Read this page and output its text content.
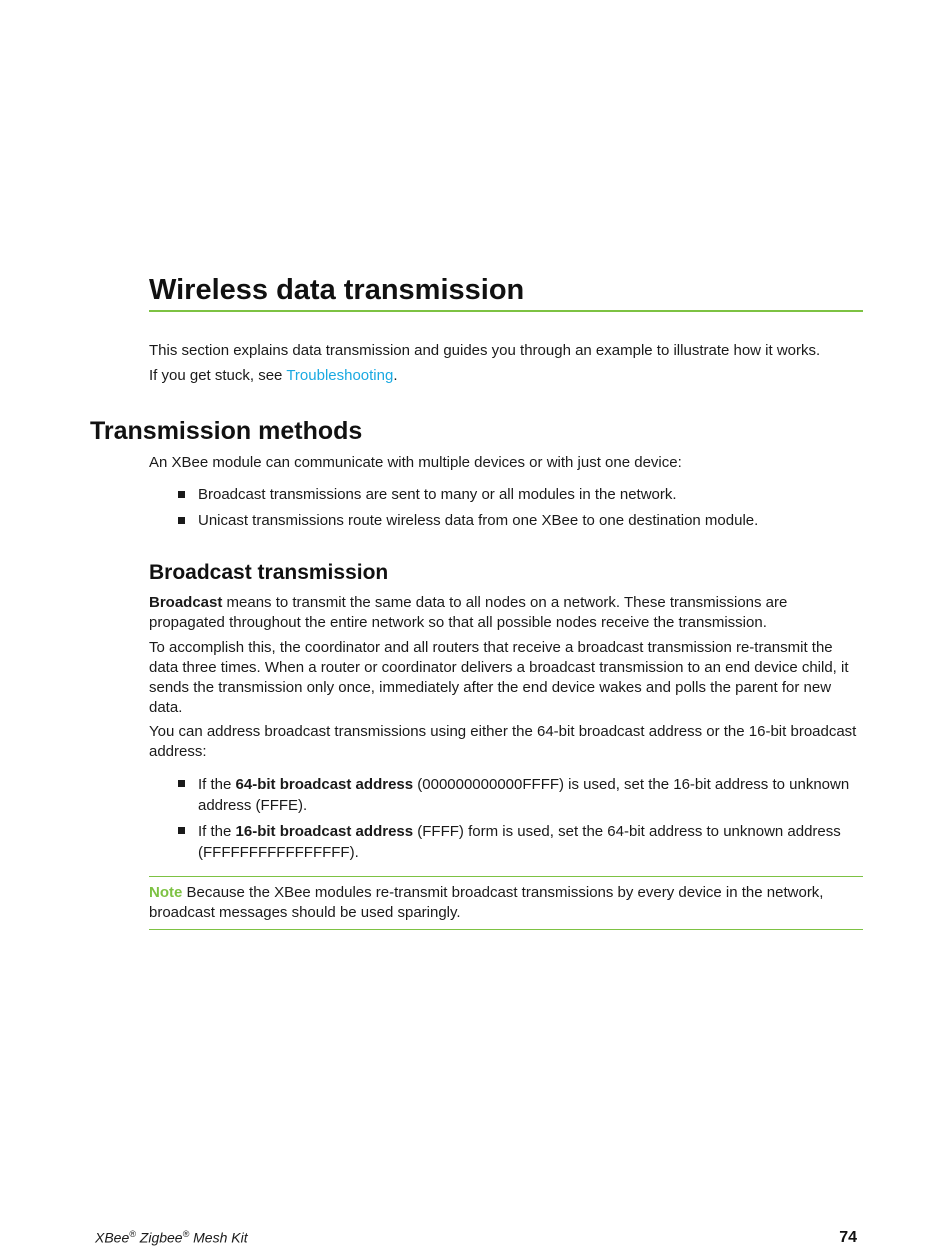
Wireless data transmission

This section explains data transmission and guides you through an example to illustrate how it works.

If you get stuck, see Troubleshooting.

Transmission methods

An XBee module can communicate with multiple devices or with just one device:

Broadcast transmissions are sent to many or all modules in the network.
Unicast transmissions route wireless data from one XBee to one destination module.
Broadcast transmission

Broadcast means to transmit the same data to all nodes on a network. These transmissions are propagated throughout the entire network so that all possible nodes receive the transmission.

To accomplish this, the coordinator and all routers that receive a broadcast transmission re-transmit the data three times. When a router or coordinator delivers a broadcast transmission to an end device child, it sends the transmission only once, immediately after the end device wakes and polls the parent for new data.

You can address broadcast transmissions using either the 64-bit broadcast address or the 16-bit broadcast address:

If the 64-bit broadcast address (000000000000FFFF) is used, set the 16-bit address to unknown address (FFFE).
If the 16-bit broadcast address (FFFF) form is used, set the 64-bit address to unknown address (FFFFFFFFFFFFFFFF).
Note Because the XBee modules re-transmit broadcast transmissions by every device in the network, broadcast messages should be used sparingly.
XBee® Zigbee® Mesh Kit	74
